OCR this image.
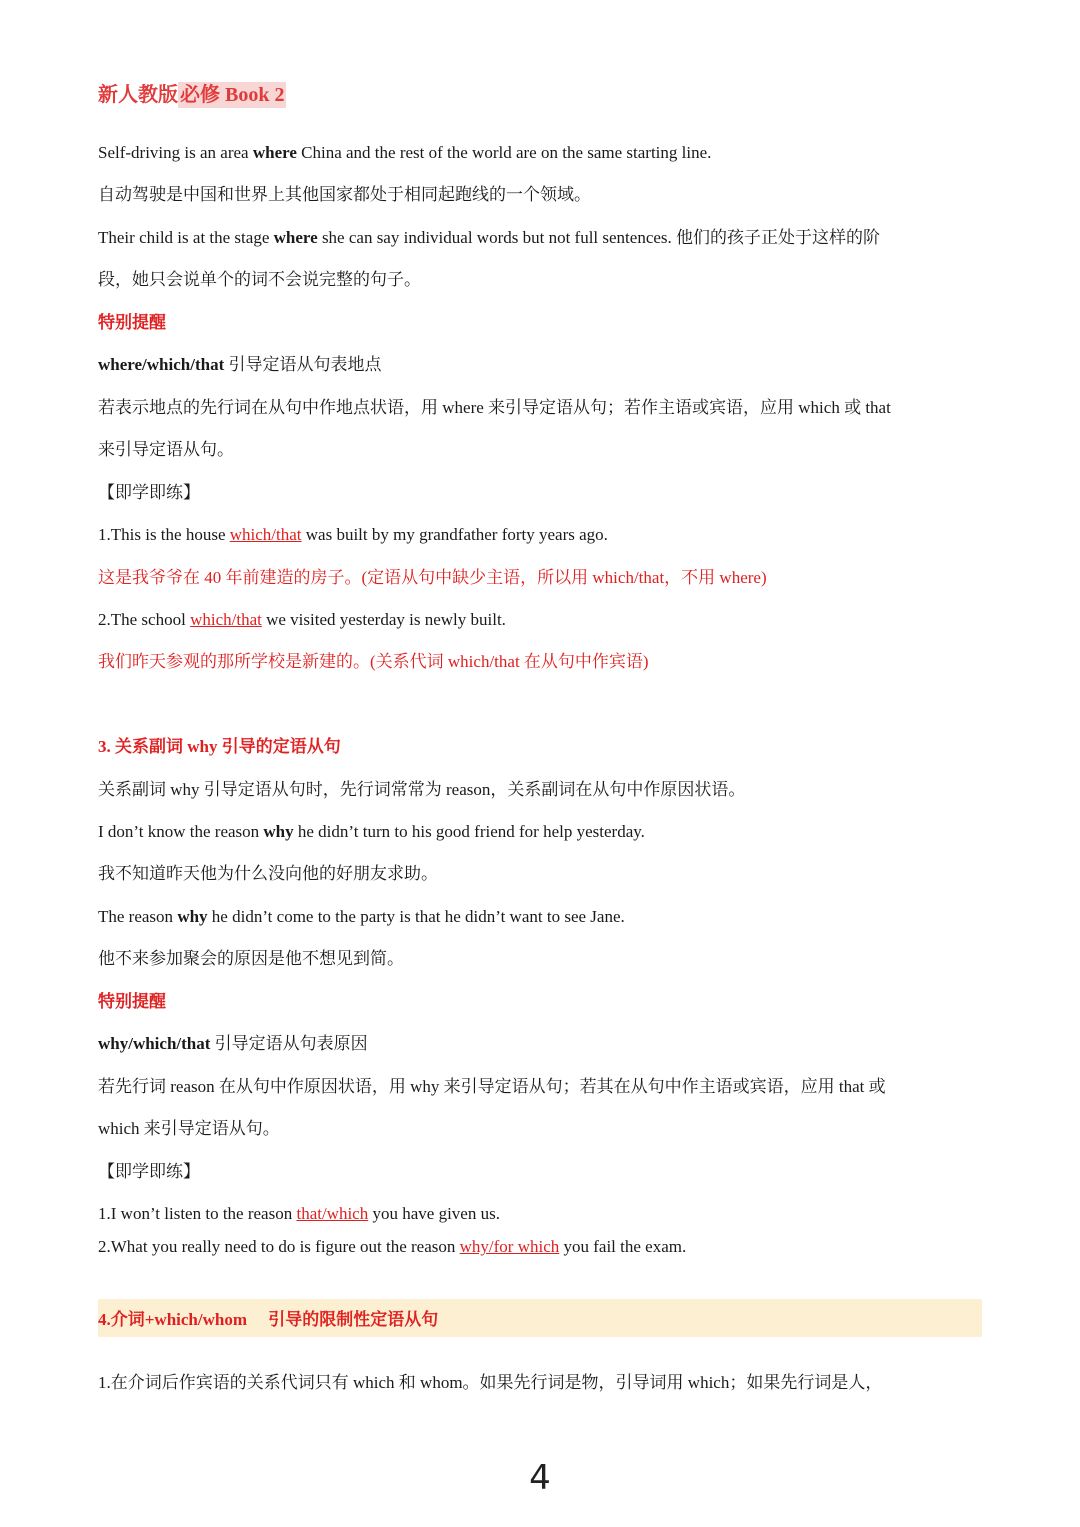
新人教版 必修 Book 2
Self-driving is an area where China and the rest of the world are on the same starting line.
自动驾驶是中国和世界上其他国家都处于相同起跑线的一个领域。
Their child is at the stage where she can say individual words but not full sentences. 他们的孩子正处于这样的阶
段，她只会说单个的词不会说完整的句子。
特别提醒
where/which/that 引导定语从句表地点
若表示地点的先行词在从句中作地点状语，用 where 来引导定语从句；若作主语或宾语，应用 which 或 that
来引导定语从句。
【即学即练】
1.This is the house which/that was built by my grandfather forty years ago.
这是我爷爷在 40 年前建造的房子。(定语从句中缺少主语，所以用 which/that，不用 where)
2.The school which/that we visited yesterday is newly built.
我们昨天参观的那所学校是新建的。(关系代词 which/that 在从句中作宾语)
3. 关系副词 why 引导的定语从句
关系副词 why 引导定语从句时，先行词常常为 reason，关系副词在从句中作原因状语。
I don’t know the reason why he didn’t turn to his good friend for help yesterday.
我不知道昨天他为什么没向他的好朋友求助。
The reason why he didn’t come to the party is that he didn’t want to see Jane.
他不来参加聚会的原因是他不想见到简。
特别提醒
why/which/that 引导定语从句表原因
若先行词 reason 在从句中作原因状语，用 why 来引导定语从句；若其在从句中作主语或宾语，应用 that 或
which 来引导定语从句。
【即学即练】
1.I won’t listen to the reason that/which you have given us.
2.What you really need to do is figure out the reason why/for which you fail the exam.
4.介词+which/whom　 引导的限制性定语从句
1.在介词后作宾语的关系代词只有 which 和 whom。如果先行词是物，引导词用 which；如果先行词是人，
4
